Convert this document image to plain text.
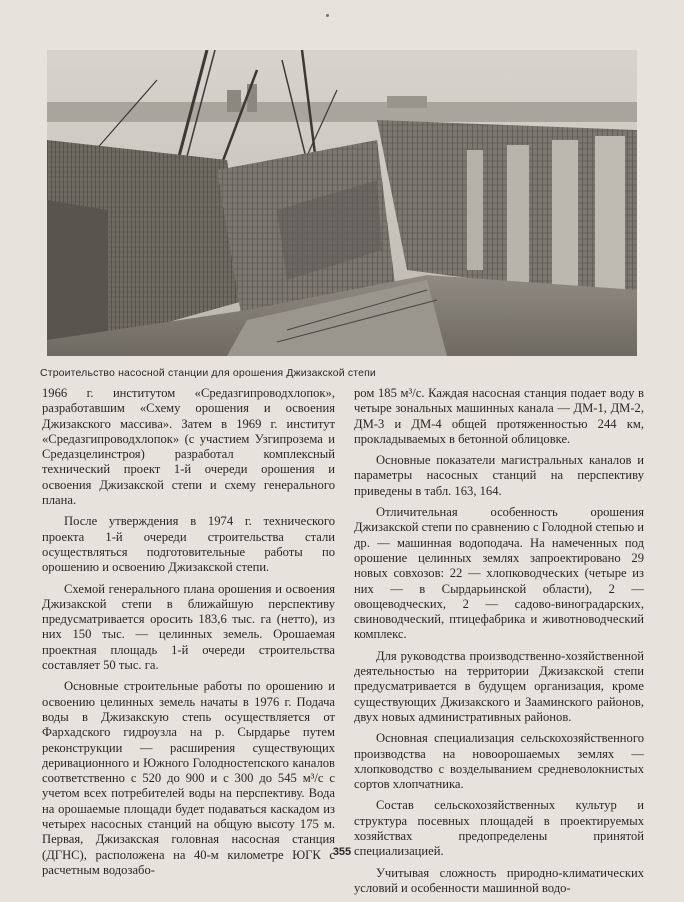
Строительство насосной станции для орошения Джизакской степи

1966 г. институтом «Средазгипроводхлопок», разработавшим «Схему орошения и освоения Джизакского массива». Затем в 1969 г. институт «Средазгипроводхлопок» (с участием Узгипрозема и Средазцелинстроя) разработал комплексный технический проект 1-й очереди орошения и освоения Джизакской степи и схему генерального плана.

После утверждения в 1974 г. технического проекта 1-й очереди строительства стали осуществляться подготовительные работы по орошению и освоению Джизакской степи.

Схемой генерального плана орошения и освоения Джизакской степи в ближайшую перспективу предусматривается оросить 183,6 тыс. га (нетто), из них 150 тыс. — целинных земель. Орошаемая проектная площадь 1-й очереди строительства составляет 50 тыс. га.

Основные строительные работы по орошению и освоению целинных земель начаты в 1976 г. Подача воды в Джизакскую степь осуществляется от Фархадского гидроузла на р. Сырдарье путем реконструкции — расширения существующих деривационного и Южного Голодностепского каналов соответственно с 520 до 900 и с 300 до 545 м³/с с учетом всех потребителей воды на перспективу. Вода на орошаемые площади будет подаваться каскадом из четырех насосных станций на общую высоту 175 м. Первая, Джизакская головная насосная станция (ДГНС), расположена на 40-м километре ЮГК с расчетным водозабо-

ром 185 м³/с. Каждая насосная станция подает воду в четыре зональных машинных канала — ДМ-1, ДМ-2, ДМ-3 и ДМ-4 общей протяженностью 244 км, прокладываемых в бетонной облицовке.

Основные показатели магистральных каналов и параметры насосных станций на перспективу приведены в табл. 163, 164.

Отличительная особенность орошения Джизакской степи по сравнению с Голодной степью и др. — машинная водоподача. На намеченных под орошение целинных землях запроектировано 29 новых совхозов: 22 — хлопководческих (четыре из них — в Сырдарьинской области), 2 — овощеводческих, 2 — садово-виноградарских, свиноводческий, птицефабрика и животноводческий комплекс.

Для руководства производственно-хозяйственной деятельностью на территории Джизакской степи предусматривается в будущем организация, кроме существующих Джизакского и Зааминского районов, двух новых административных районов.

Основная специализация сельскохозяйственного производства на новоорошаемых землях — хлопководство с возделыванием средневолокнистых сортов хлопчатника.

Состав сельскохозяйственных культур и структура посевных площадей в проектируемых хозяйствах предопределены принятой специализацией.

Учитывая сложность природно-климатических условий и особенности машинной водо-

355
